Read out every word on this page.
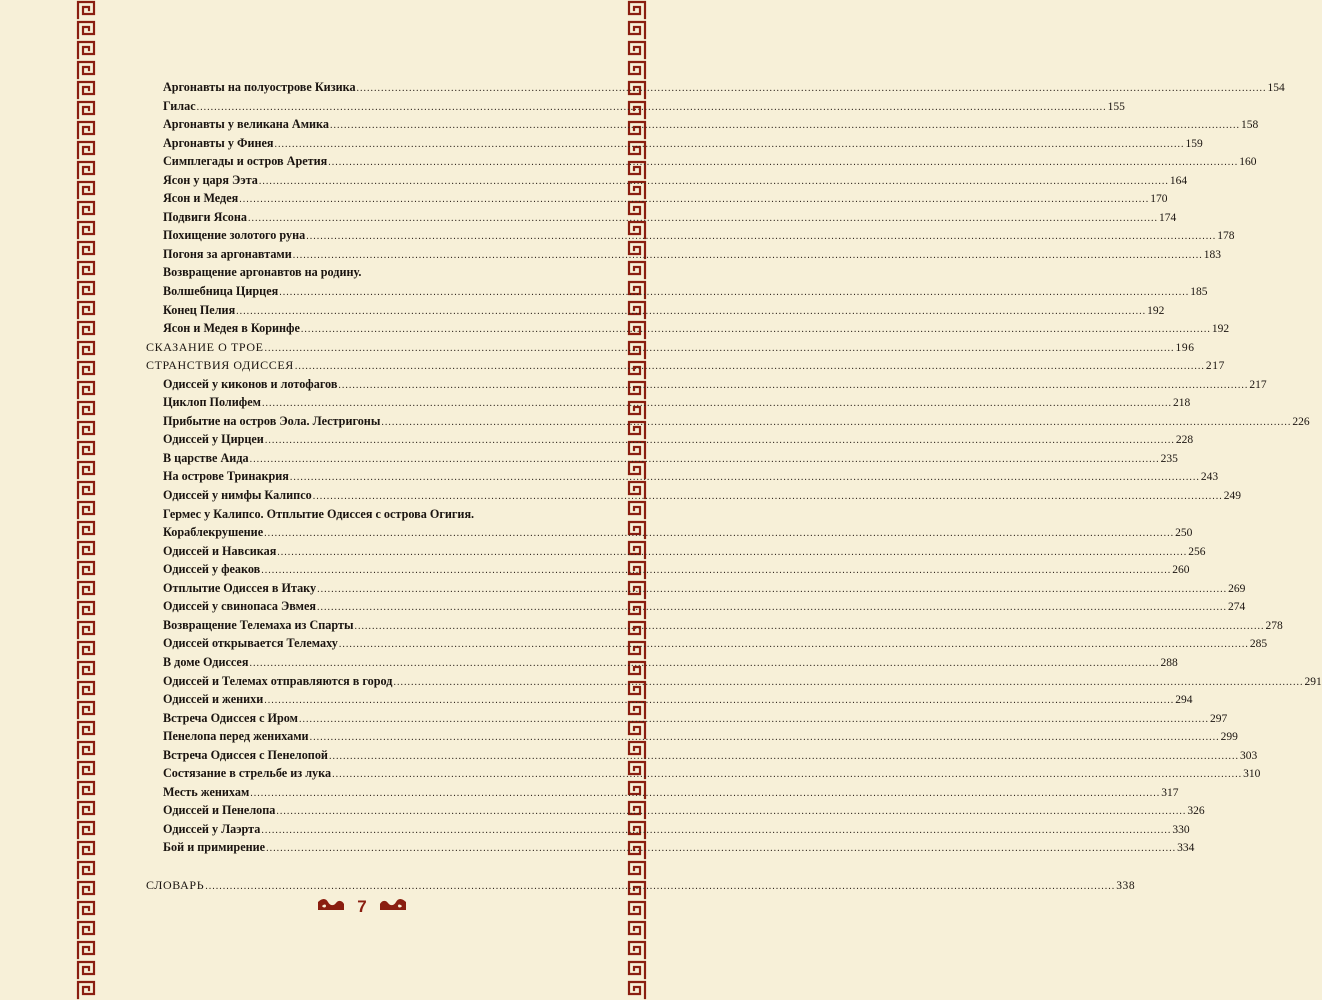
Аргонавты на полуострове Кизика .................................................................................................................................................................................................................................................................... 154
Гилас .................................................................................................................................................................................................................................................................... 155
Аргонавты у великана Амика .................................................................................................................................................................................................................................................................... 158
Аргонавты у Финея .................................................................................................................................................................................................................................................................... 159
Симплегады и остров Аретия .................................................................................................................................................................................................................................................................... 160
Ясон у царя Ээта .................................................................................................................................................................................................................................................................... 164
Ясон и Медея .................................................................................................................................................................................................................................................................... 170
Подвиги Ясона .................................................................................................................................................................................................................................................................... 174
Похищение золотого руна .................................................................................................................................................................................................................................................................... 178
Погоня за аргонавтами .................................................................................................................................................................................................................................................................... 183
Возвращение аргонавтов на родину.
Волшебница Цирцея .................................................................................................................................................................................................................................................................... 185
Конец Пелия .................................................................................................................................................................................................................................................................... 192
Ясон и Медея в Коринфе .................................................................................................................................................................................................................................................................... 192
СКАЗАНИЕ О ТРОЕ .................................................................................................................................................................................................................................................................... 196
СТРАНСТВИЯ ОДИССЕЯ .................................................................................................................................................................................................................................................................... 217
Одиссей у киконов и лотофагов .................................................................................................................................................................................................................................................................... 217
Циклоп Полифем .................................................................................................................................................................................................................................................................... 218
Прибытие на остров Эола. Лестригоны .................................................................................................................................................................................................................................................................... 226
Одиссей у Цирцеи .................................................................................................................................................................................................................................................................... 228
В царстве Аида .................................................................................................................................................................................................................................................................... 235
На острове Тринакрия .................................................................................................................................................................................................................................................................... 243
Одиссей у нимфы Калипсо .................................................................................................................................................................................................................................................................... 249
Гермес у Калипсо. Отплытие Одиссея с острова Огигия.
Кораблекрушение .................................................................................................................................................................................................................................................................... 250
Одиссей и Навсикая .................................................................................................................................................................................................................................................................... 256
Одиссей у феаков .................................................................................................................................................................................................................................................................... 260
Отплытие Одиссея в Итаку .................................................................................................................................................................................................................................................................... 269
Одиссей у свинопаса Эвмея .................................................................................................................................................................................................................................................................... 274
Возвращение Телемаха из Спарты .................................................................................................................................................................................................................................................................... 278
Одиссей открывается Телемаху .................................................................................................................................................................................................................................................................... 285
В доме Одиссея .................................................................................................................................................................................................................................................................... 288
Одиссей и Телемах отправляются в город .................................................................................................................................................................................................................................................................... 291
Одиссей и женихи .................................................................................................................................................................................................................................................................... 294
Встреча Одиссея с Иром .................................................................................................................................................................................................................................................................... 297
Пенелопа перед женихами .................................................................................................................................................................................................................................................................... 299
Встреча Одиссея с Пенелопой .................................................................................................................................................................................................................................................................... 303
Состязание в стрельбе из лука .................................................................................................................................................................................................................................................................... 310
Месть женихам .................................................................................................................................................................................................................................................................... 317
Одиссей и Пенелопа .................................................................................................................................................................................................................................................................... 326
Одиссей у Лаэрта .................................................................................................................................................................................................................................................................... 330
Бой и примирение .................................................................................................................................................................................................................................................................... 334
СЛОВАРЬ .................................................................................................................................................................................................................................................................... 338
7
